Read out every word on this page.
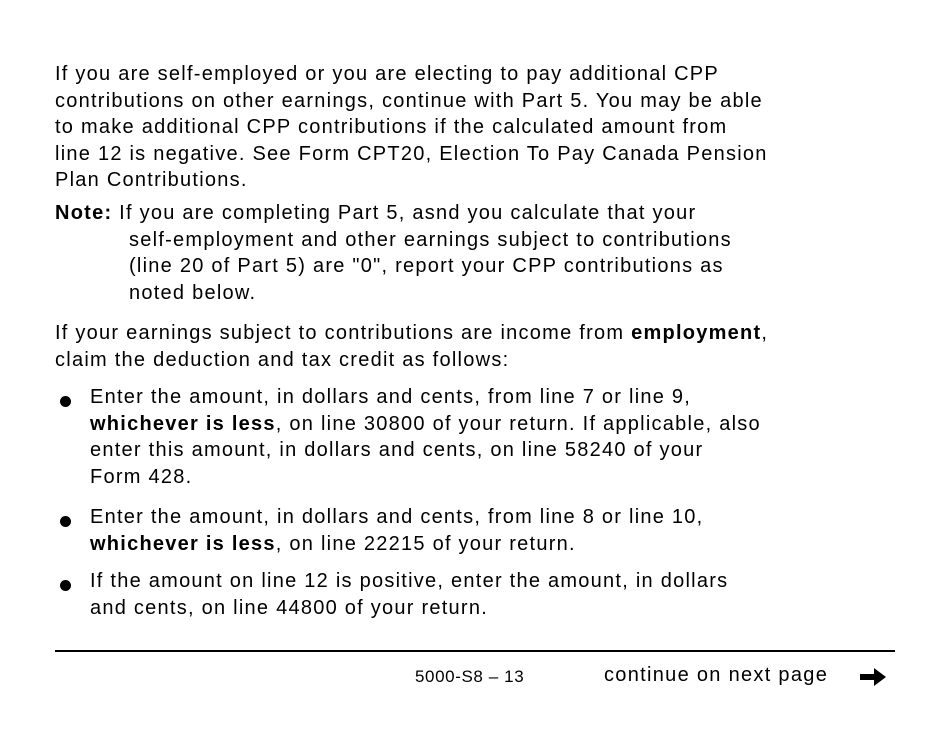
If you are self-employed or you are electing to pay additional CPP
contributions on other earnings, continue with Part 5. You may be able
to make additional CPP contributions if the calculated amount from
line 12 is negative. See Form CPT20, Election To Pay Canada Pension
Plan Contributions.
Note: If you are completing Part 5, asnd you calculate that your
self-employment and other earnings subject to contributions
(line 20 of Part 5) are "0", report your CPP contributions as
noted below.
If your earnings subject to contributions are income from employment,
claim the deduction and tax credit as follows:
Enter the amount, in dollars and cents, from line 7 or line 9,
whichever is less, on line 30800 of your return. If applicable, also
enter this amount, in dollars and cents, on line 58240 of your
Form 428.
Enter the amount, in dollars and cents, from line 8 or line 10,
whichever is less, on line 22215 of your return.
If the amount on line 12 is positive, enter the amount, in dollars
and cents, on line 44800 of your return.
5000-S8 – 13	continue on next page
